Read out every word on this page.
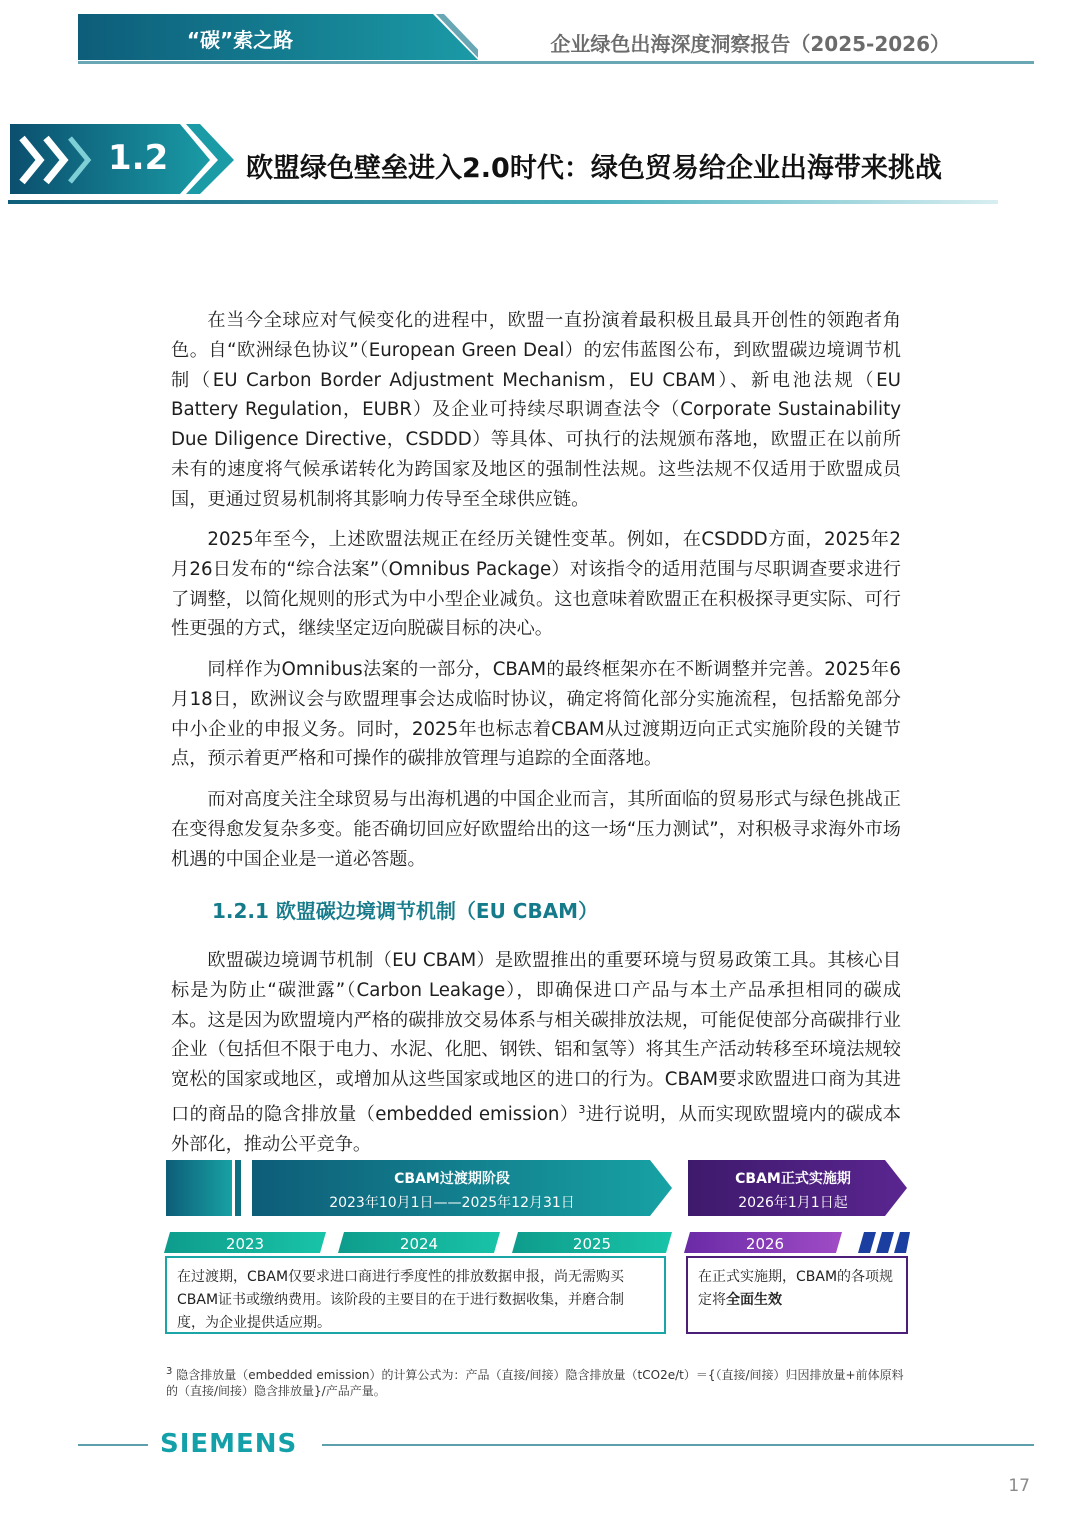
“碳”索之路	企业绿色出海深度洞察报告（2025-2026）
1.2	欧盟绿色壁垒进入2.0时代：绿色贸易给企业出海带来挑战

在当今全球应对气候变化的进程中，欧盟一直扮演着最积极且最具开创性的领跑者角色。自“欧洲绿色协议”（European Green Deal）的宏伟蓝图公布，到欧盟碳边境调节机制（EU Carbon Border Adjustment Mechanism，EU CBAM）、新电池法规（EU Battery Regulation，EUBR）及企业可持续尽职调查法令（Corporate Sustainability Due Diligence Directive，CSDDD）等具体、可执行的法规颁布落地，欧盟正在以前所未有的速度将气候承诺转化为跨国家及地区的强制性法规。这些法规不仅适用于欧盟成员国，更通过贸易机制将其影响力传导至全球供应链。

2025年至今，上述欧盟法规正在经历关键性变革。例如，在CSDDD方面，2025年2月26日发布的“综合法案”（Omnibus Package）对该指令的适用范围与尽职调查要求进行了调整，以简化规则的形式为中小型企业减负。这也意味着欧盟正在积极探寻更实际、可行性更强的方式，继续坚定迈向脱碳目标的决心。

同样作为Omnibus法案的一部分，CBAM的最终框架亦在不断调整并完善。2025年6月18日，欧洲议会与欧盟理事会达成临时协议，确定将简化部分实施流程，包括豁免部分中小企业的申报义务。同时，2025年也标志着CBAM从过渡期迈向正式实施阶段的关键节点，预示着更严格和可操作的碳排放管理与追踪的全面落地。

而对高度关注全球贸易与出海机遇的中国企业而言，其所面临的贸易形式与绿色挑战正在变得愈发复杂多变。能否确切回应好欧盟给出的这一场“压力测试”，对积极寻求海外市场机遇的中国企业是一道必答题。

1.2.1 欧盟碳边境调节机制（EU CBAM）

欧盟碳边境调节机制（EU CBAM）是欧盟推出的重要环境与贸易政策工具。其核心目标是为防止“碳泄露”（Carbon Leakage），即确保进口产品与本土产品承担相同的碳成本。这是因为欧盟境内严格的碳排放交易体系与相关碳排放法规，可能促使部分高碳排行业企业（包括但不限于电力、水泥、化肥、钢铁、铝和氢等）将其生产活动转移至环境法规较宽松的国家或地区，或增加从这些国家或地区的进口的行为。CBAM要求欧盟进口商为其进口的商品的隐含排放量（embedded emission）$^3$进行说明，从而实现欧盟境内的碳成本外部化，推动公平竞争。

CBAM过渡期阶段
2023年10月1日——2025年12月31日
CBAM正式实施期
2026年1月1日起
2023	2024	2025	2026

在过渡期，CBAM仅要求进口商进行季度性的排放数据申报，尚无需购买CBAM证书或缴纳费用。该阶段的主要目的在于进行数据收集，并磨合制度，为企业提供适应期。

在正式实施期，CBAM的各项规定将全面生效

$^3$ 隐含排放量（embedded emission）的计算公式为：产品（直接/间接）隐含排放量（tCO2e/t）＝{（直接/间接）归因排放量+前体原料的（直接/间接）隐含排放量}/产品产量。
SIEMENS
17
